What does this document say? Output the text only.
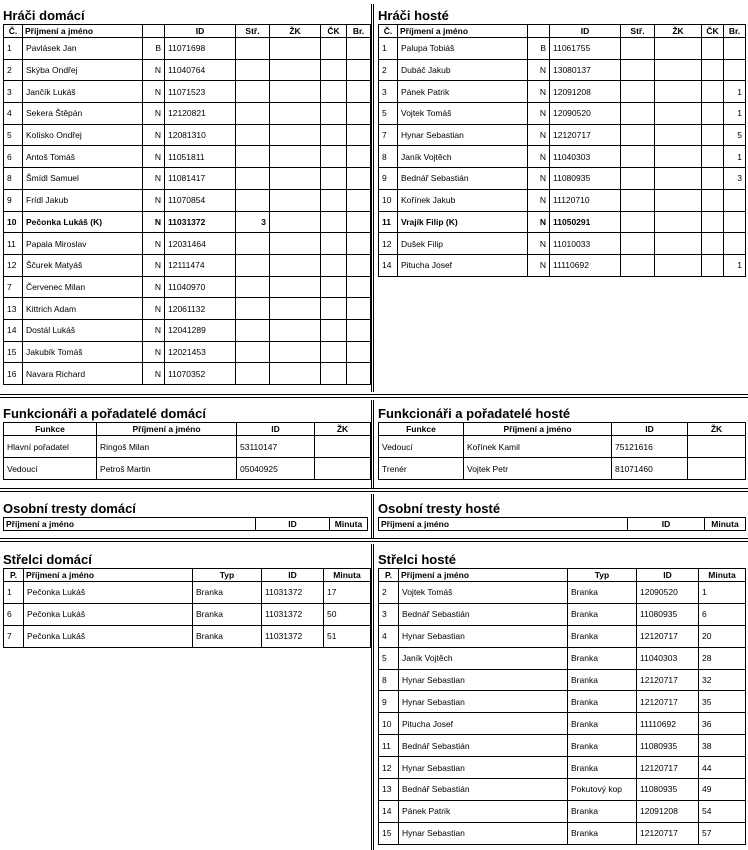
Hráči domácí
Č.	Příjmení a jméno		ID	Stř.	ŽK	ČK	Br.
1	Pavlásek Jan	B	11071698				
2	Skýba Ondřej	N	11040764				
3	Jančík Lukáš	N	11071523				
4	Sekera Štěpán	N	12120821				
5	Kolísko Ondřej	N	12081310				
6	Antoš Tomáš	N	11051811				
8	Šmídl Samuel	N	11081417				
9	Frídl Jakub	N	11070854				
10	Pečonka Lukáš (K)	N	11031372	3			
11	Papala Miroslav	N	12031464				
12	Ščurek Matyáš	N	12111474				
7	Červenec Milan	N	11040970				
13	Kittrich Adam	N	12061132				
14	Dostál Lukáš	N	12041289				
15	Jakubík Tomáš	N	12021453				
16	Navara Richard	N	11070352				
Hráči hosté
Č.	Příjmení a jméno		ID	Stř.	ŽK	ČK	Br.
1	Palupa Tobiáš	B	11061755				
2	Dubáč Jakub	N	13080137				
3	Pánek Patrik	N	12091208				1
5	Vojtek Tomáš	N	12090520				1
7	Hynar Sebastian	N	12120717				5
8	Janík Vojtěch	N	11040303				1
9	Bednář Sebastián	N	11080935				3
10	Kořínek Jakub	N	11120710				
11	Vrajík Filip (K)	N	11050291				
12	Dušek Filip	N	11010033				
14	Pitucha Josef	N	11110692				1
Funkcionáři a pořadatelé domácí
Funkce	Příjmení a jméno	ID	ŽK
Hlavní pořadatel	Ringoš Milan	53110147	
Vedoucí	Petroš Martin	05040925	
Funkcionáři a pořadatelé hosté
Funkce	Příjmení a jméno	ID	ŽK
Vedoucí	Kořínek Kamil	75121616	
Trenér	Vojtek Petr	81071460	
Osobní tresty domácí
Příjmení a jméno	ID	Minuta
Osobní tresty hosté
Příjmení a jméno	ID	Minuta
Střelci domácí
P.	Příjmení a jméno	Typ	ID	Minuta
1	Pečonka Lukáš	Branka	11031372	17
6	Pečonka Lukáš	Branka	11031372	50
7	Pečonka Lukáš	Branka	11031372	51
Střelci hosté
P.	Příjmení a jméno	Typ	ID	Minuta
2	Vojtek Tomáš	Branka	12090520	1
3	Bednář Sebastián	Branka	11080935	6
4	Hynar Sebastian	Branka	12120717	20
5	Janík Vojtěch	Branka	11040303	28
8	Hynar Sebastian	Branka	12120717	32
9	Hynar Sebastian	Branka	12120717	35
10	Pitucha Josef	Branka	11110692	36
11	Bednář Sebastián	Branka	11080935	38
12	Hynar Sebastian	Branka	12120717	44
13	Bednář Sebastián	Pokutový kop	11080935	49
14	Pánek Patrik	Branka	12091208	54
15	Hynar Sebastian	Branka	12120717	57
